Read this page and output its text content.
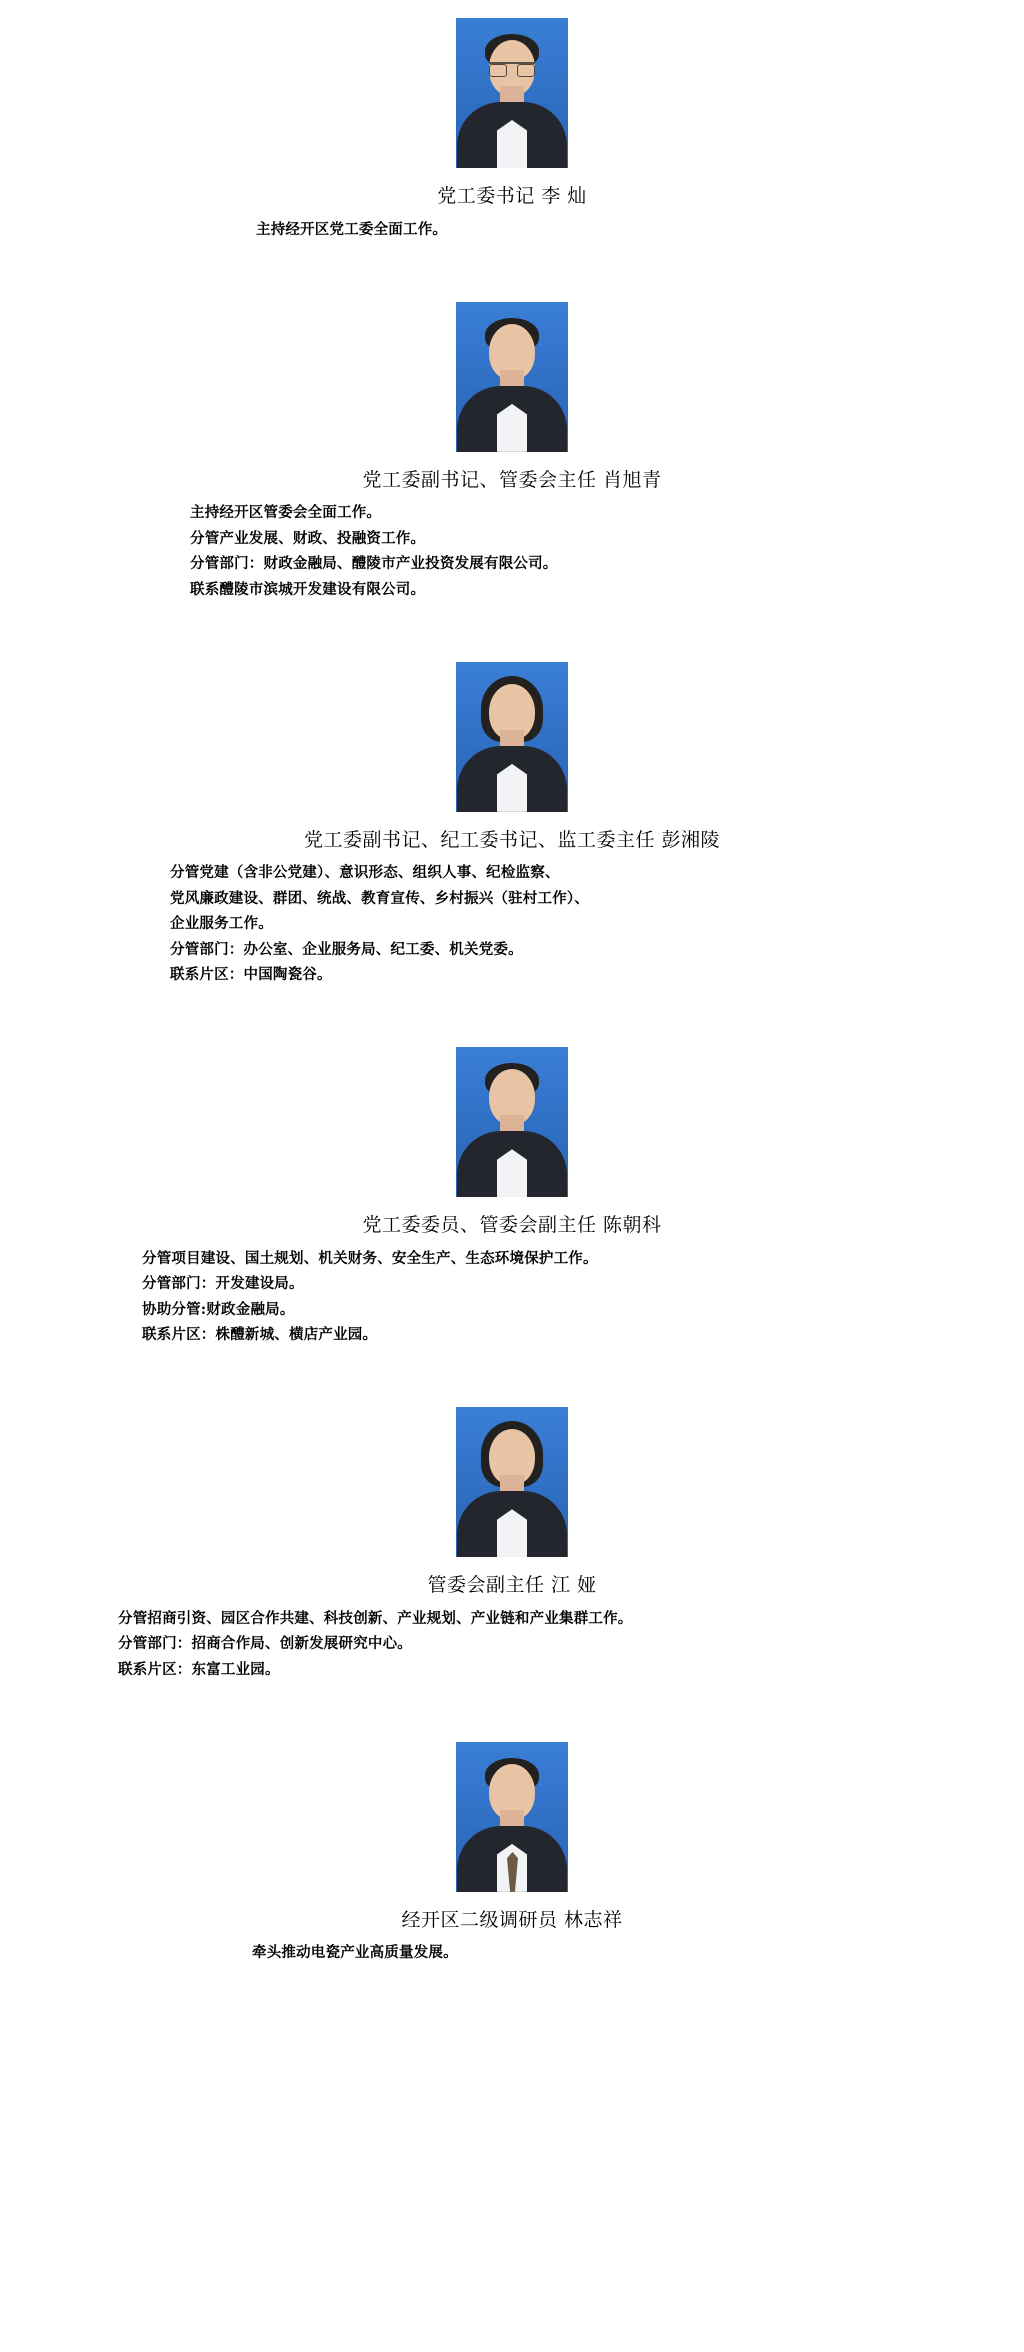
党工委书记 李 灿
主持经开区党工委全面工作。
党工委副书记、管委会主任 肖旭青
主持经开区管委会全面工作。
分管产业发展、财政、投融资工作。
分管部门：财政金融局、醴陵市产业投资发展有限公司。
联系醴陵市滨城开发建设有限公司。
党工委副书记、纪工委书记、监工委主任 彭湘陵
分管党建（含非公党建）、意识形态、组织人事、纪检监察、
党风廉政建设、群团、统战、教育宣传、乡村振兴（驻村工作）、
企业服务工作。
分管部门：办公室、企业服务局、纪工委、机关党委。
联系片区：中国陶瓷谷。
党工委委员、管委会副主任 陈朝科
分管项目建设、国土规划、机关财务、安全生产、生态环境保护工作。
分管部门：开发建设局。
协助分管:财政金融局。
联系片区：株醴新城、横店产业园。
管委会副主任 江 娅
分管招商引资、园区合作共建、科技创新、产业规划、产业链和产业集群工作。
分管部门：招商合作局、创新发展研究中心。
联系片区：东富工业园。
经开区二级调研员 林志祥
牵头推动电瓷产业高质量发展。
